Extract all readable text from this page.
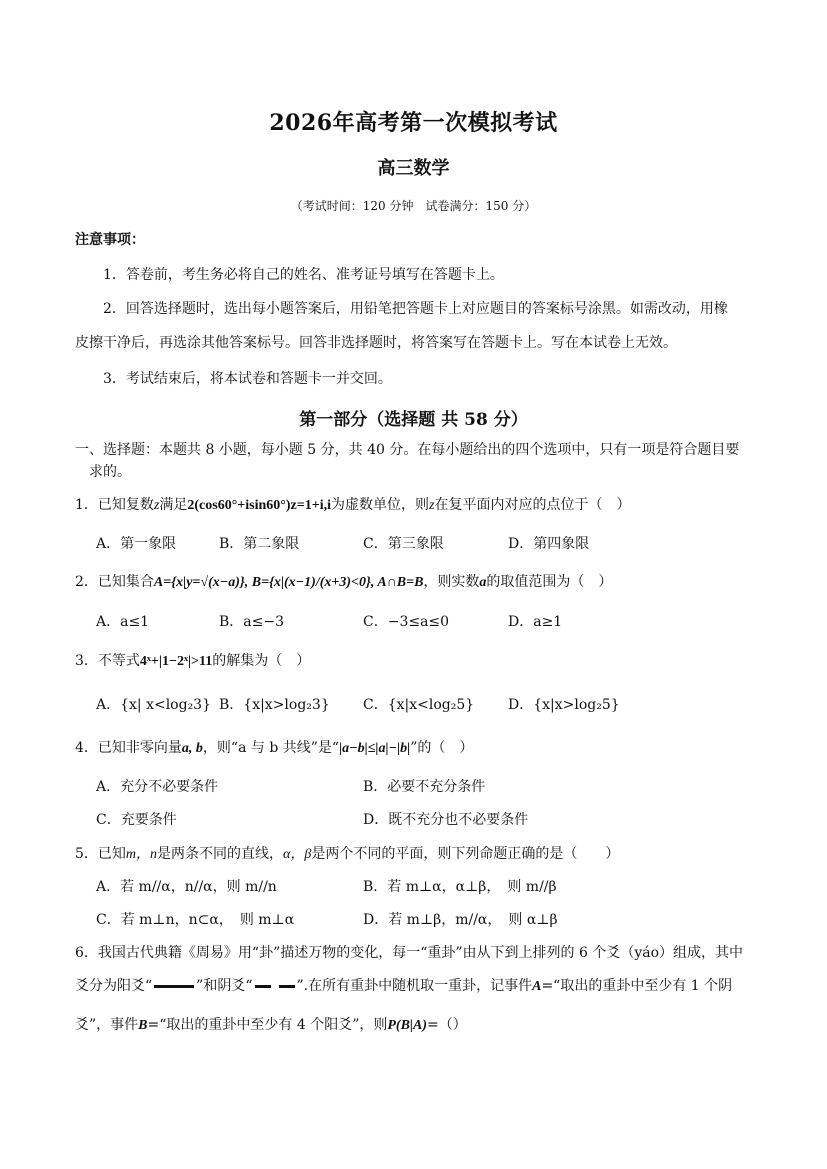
2026年高考第一次模拟考试
高三数学
（考试时间：120 分钟　试卷满分：150 分）
注意事项：
1．答卷前，考生务必将自己的姓名、准考证号填写在答题卡上。
2．回答选择题时，选出每小题答案后，用铅笔把答题卡上对应题目的答案标号涂黑。如需改动，用橡
皮擦干净后，再选涂其他答案标号。回答非选择题时，将答案写在答题卡上。写在本试卷上无效。
3．考试结束后，将本试卷和答题卡一并交回。
第一部分（选择题 共 58 分）
一、选择题：本题共 8 小题，每小题 5 分，共 40 分。在每小题给出的四个选项中，只有一项是符合题目要
求的。
1．已知复数z满足2(cos60°+isin60°)z=1+i,i为虚数单位，则z在复平面内对应的点位于（　）
A．第一象限	B．第二象限	C．第三象限	D．第四象限
2．已知集合A={x|y=√(x−a)}, B={x|(x−1)/(x+3)<0}, A∩B=B，则实数a的取值范围为（　）
A．a≤1	B．a≤−3	C．−3≤a≤0	D．a≥1
3．不等式4ˣ+|1−2ˣ|>11的解集为（　）
A．{x| x<log₂3} B．{x|x>log₂3} C．{x|x<log₂5} D．{x|x>log₂5}
4．已知非零向量a, b，则“a 与 b 共线”是“|a−b|≤|a|−|b|”的（　）
A．充分不必要条件	B．必要不充分条件
C．充要条件	D．既不充分也不必要条件
5．已知m，n是两条不同的直线，α，β是两个不同的平面，则下列命题正确的是（　　）
A．若 m//α，n//α，则 m//n	B．若 m⊥α，α⊥β，　则 m//β
C．若 m⊥n，n⊂α，　则 m⊥α	D．若 m⊥β，m//α，　则 α⊥β
6．我国古代典籍《周易》用“卦”描述万物的变化，每一“重卦”由从下到上排列的 6 个爻（yáo）组成，其中
爻分为阳爻“	”和阴爻“	”.在所有重卦中随机取一重卦，记事件A=“取出的重卦中至少有 1 个阴
爻”，事件B=“取出的重卦中至少有 4 个阳爻”，则P(B|A)=（）
